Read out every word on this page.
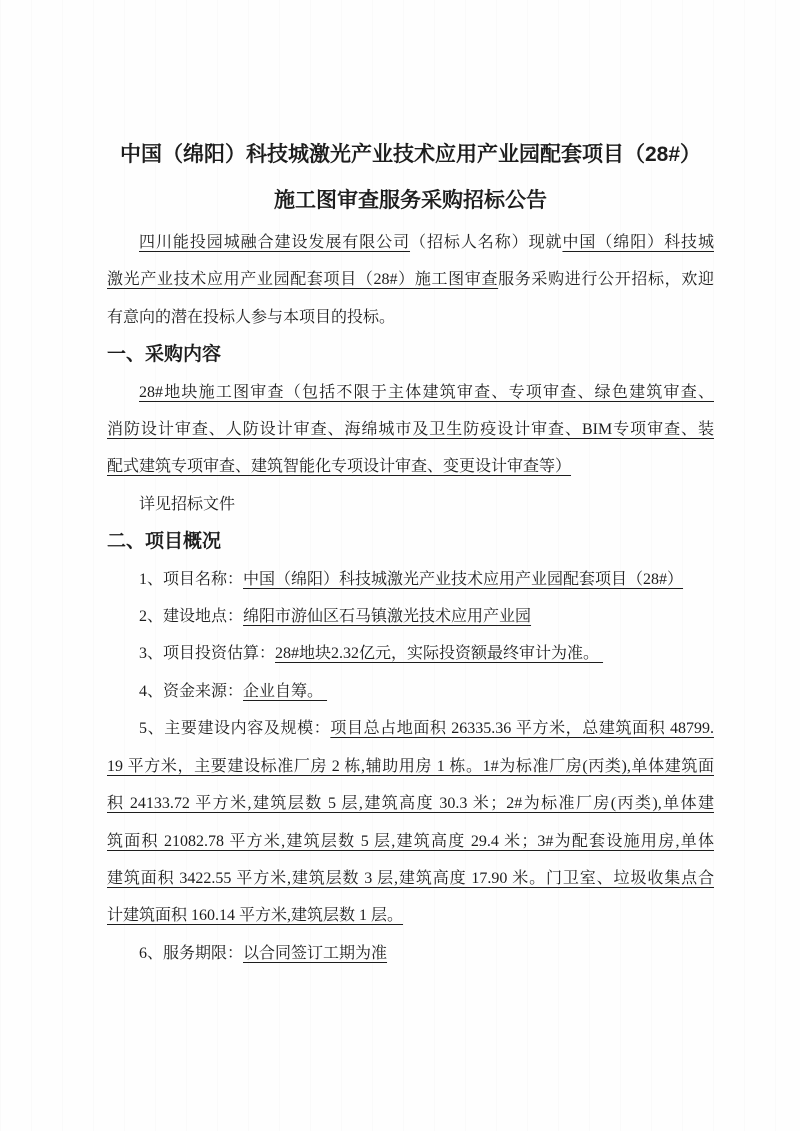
中国（绵阳）科技城激光产业技术应用产业园配套项目（28#）
施工图审查服务采购招标公告
四川能投园城融合建设发展有限公司（招标人名称）现就中国（绵阳）科技城
激光产业技术应用产业园配套项目（28#）施工图审查服务采购进行公开招标，欢迎
有意向的潜在投标人参与本项目的投标。
一、采购内容
28#地块施工图审查（包括不限于主体建筑审查、专项审查、绿色建筑审查、
消防设计审查、人防设计审查、海绵城市及卫生防疫设计审查、BIM专项审查、装
配式建筑专项审查、建筑智能化专项设计审查、变更设计审查等）
详见招标文件
二、项目概况
1、项目名称：中国（绵阳）科技城激光产业技术应用产业园配套项目（28#）
2、建设地点：绵阳市游仙区石马镇激光技术应用产业园
3、项目投资估算：28#地块2.32亿元，实际投资额最终审计为准。
4、资金来源：企业自筹。
5、主要建设内容及规模：项目总占地面积 26335.36 平方米，总建筑面积 48799.
19 平方米，主要建设标准厂房 2 栋,辅助用房 1 栋。1#为标准厂房(丙类),单体建筑面
积 24133.72 平方米,建筑层数 5 层,建筑高度 30.3 米；2#为标准厂房(丙类),单体建
筑面积 21082.78 平方米,建筑层数 5 层,建筑高度 29.4 米；3#为配套设施用房,单体
建筑面积 3422.55 平方米,建筑层数 3 层,建筑高度 17.90 米。门卫室、垃圾收集点合
计建筑面积 160.14 平方米,建筑层数 1 层。
6、服务期限：以合同签订工期为准
